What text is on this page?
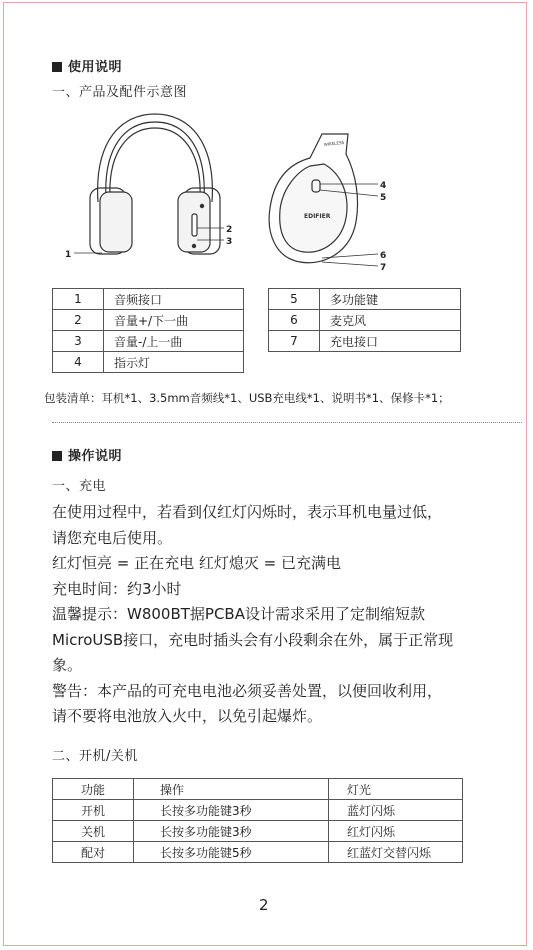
使用说明
一、产品及配件示意图
1
2
3
WIRELESS
EDIFIER
4
5
6
7
1	音频接口
2	音量+/下一曲
3	音量-/上一曲
4	指示灯
5	多功能键
6	麦克风
7	充电接口
包装清单：耳机*1、3.5mm音频线*1、USB充电线*1、说明书*1、保修卡*1；
操作说明
一、充电
在使用过程中，若看到仅红灯闪烁时，表示耳机电量过低，
请您充电后使用。
红灯恒亮 = 正在充电 红灯熄灭 = 已充满电
充电时间：约3小时
温馨提示：W800BT据PCBA设计需求采用了定制缩短款
MicroUSB接口，充电时插头会有小段剩余在外，属于正常现
象。
警告：本产品的可充电电池必须妥善处置，以便回收利用，
请不要将电池放入火中，以免引起爆炸。
二、开机/关机
功能	操作	灯光
开机	长按多功能键3秒	蓝灯闪烁
关机	长按多功能键3秒	红灯闪烁
配对	长按多功能键5秒	红蓝灯交替闪烁
2
